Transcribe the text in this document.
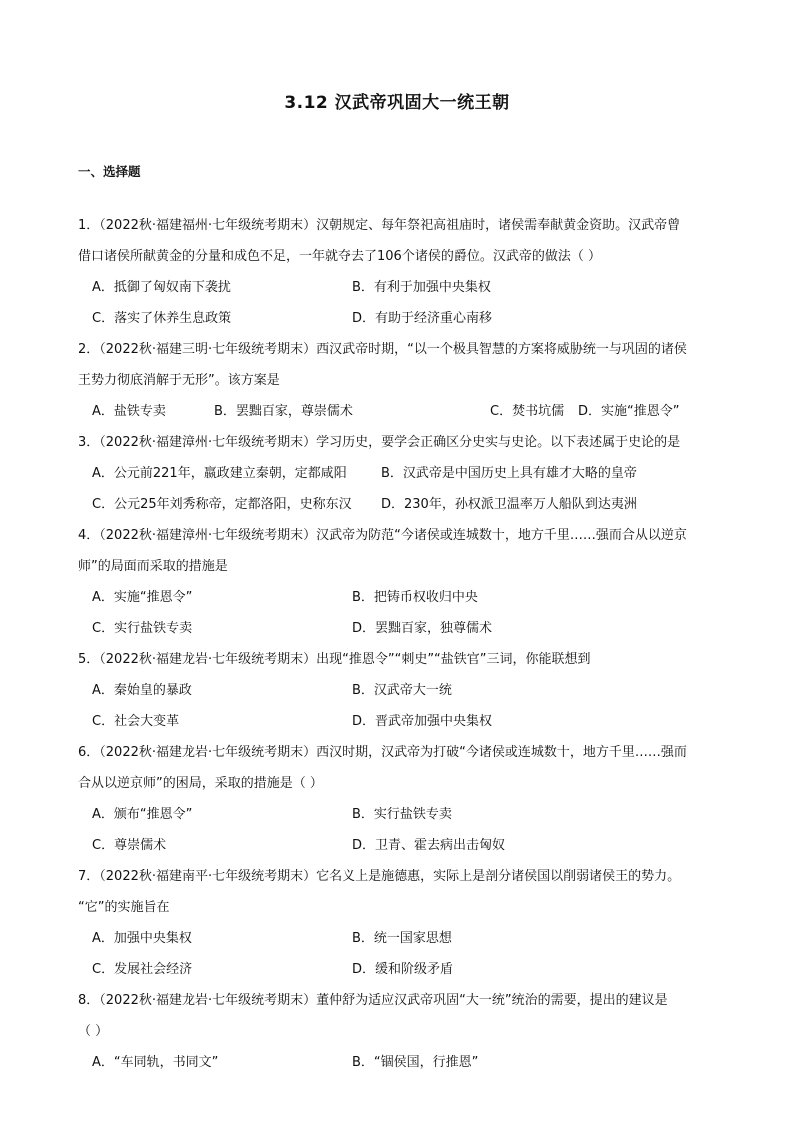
3.12 汉武帝巩固大一统王朝
一、选择题
1．（2022秋·福建福州·七年级统考期末）汉朝规定、每年祭祀高祖庙时，诸侯需奉献黄金资助。汉武帝曾
借口诸侯所献黄金的分量和成色不足，一年就夺去了106个诸侯的爵位。汉武帝的做法（ ）
A．抵御了匈奴南下袭扰	B．有利于加强中央集权
C．落实了休养生息政策	D．有助于经济重心南移
2．（2022秋·福建三明·七年级统考期末）西汉武帝时期，“以一个极具智慧的方案将威胁统一与巩固的诸侯
王势力彻底消解于无形”。该方案是
A．盐铁专卖	B．罢黜百家，尊崇儒术	C．焚书坑儒 D．实施“推恩令”
3．（2022秋·福建漳州·七年级统考期末）学习历史，要学会正确区分史实与史论。以下表述属于史论的是
A．公元前221年，嬴政建立秦朝，定都咸阳	B．汉武帝是中国历史上具有雄才大略的皇帝
C．公元25年刘秀称帝，定都洛阳，史称东汉 D．230年，孙权派卫温率万人船队到达夷洲
4．（2022秋·福建漳州·七年级统考期末）汉武帝为防范“今诸侯或连城数十，地方千里……强而合从以逆京
师”的局面而采取的措施是
A．实施“推恩令”	B．把铸币权收归中央
C．实行盐铁专卖	D．罢黜百家，独尊儒术
5．（2022秋·福建龙岩·七年级统考期末）出现“推恩令”“刺史”“盐铁官”三词，你能联想到
A．秦始皇的暴政	B．汉武帝大一统
C．社会大变革	D．晋武帝加强中央集权
6．（2022秋·福建龙岩·七年级统考期末）西汉时期，汉武帝为打破“今诸侯或连城数十，地方千里……强而
合从以逆京师”的困局，采取的措施是（ ）
A．颁布“推恩令”	B．实行盐铁专卖
C．尊崇儒术	D．卫青、霍去病出击匈奴
7．（2022秋·福建南平·七年级统考期末）它名义上是施德惠，实际上是剖分诸侯国以削弱诸侯王的势力。
“它”的实施旨在
A．加强中央集权	B．统一国家思想
C．发展社会经济	D．缓和阶级矛盾
8．（2022秋·福建龙岩·七年级统考期末）董仲舒为适应汉武帝巩固“大一统”统治的需要，提出的建议是
（ ）
A．“车同轨，书同文”	B．“锢侯国，行推恩”
